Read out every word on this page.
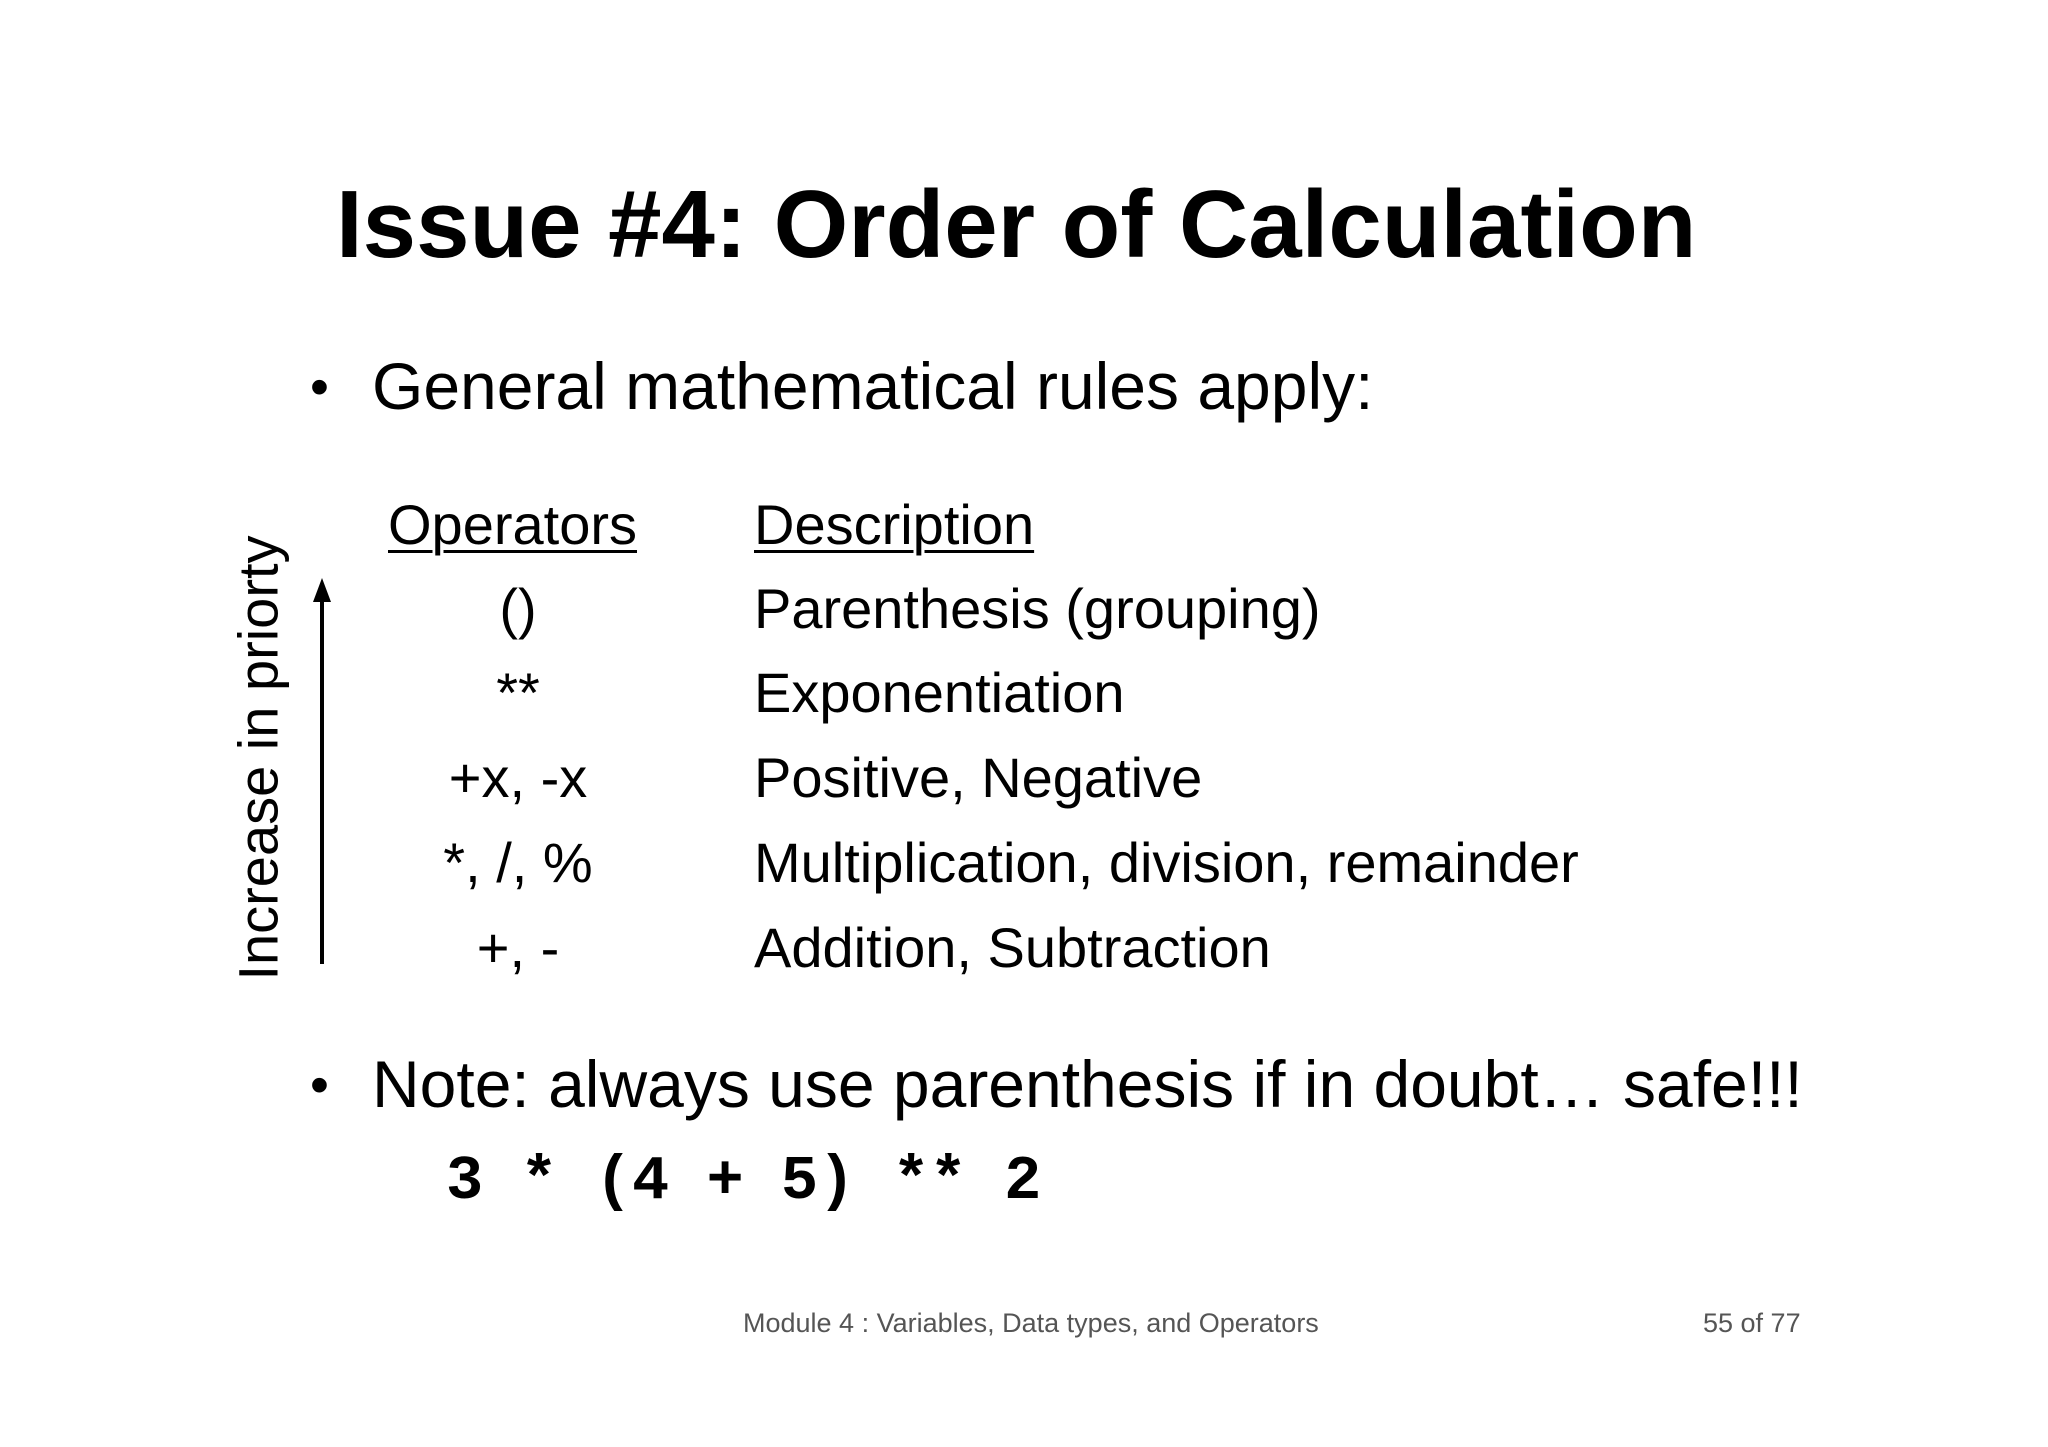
Issue #4: Order of Calculation
• General mathematical rules apply:
Increase in priorty
Operators Description
()	Parenthesis (grouping)
**	Exponentiation
+x, -x	Positive, Negative
*, /, %	Multiplication, division, remainder
+, -	Addition, Subtraction
• Note: always use parenthesis if in doubt… safe!!!
3 * (4 + 5) ** 2
Module 4 : Variables, Data types, and Operators	55 of 77
